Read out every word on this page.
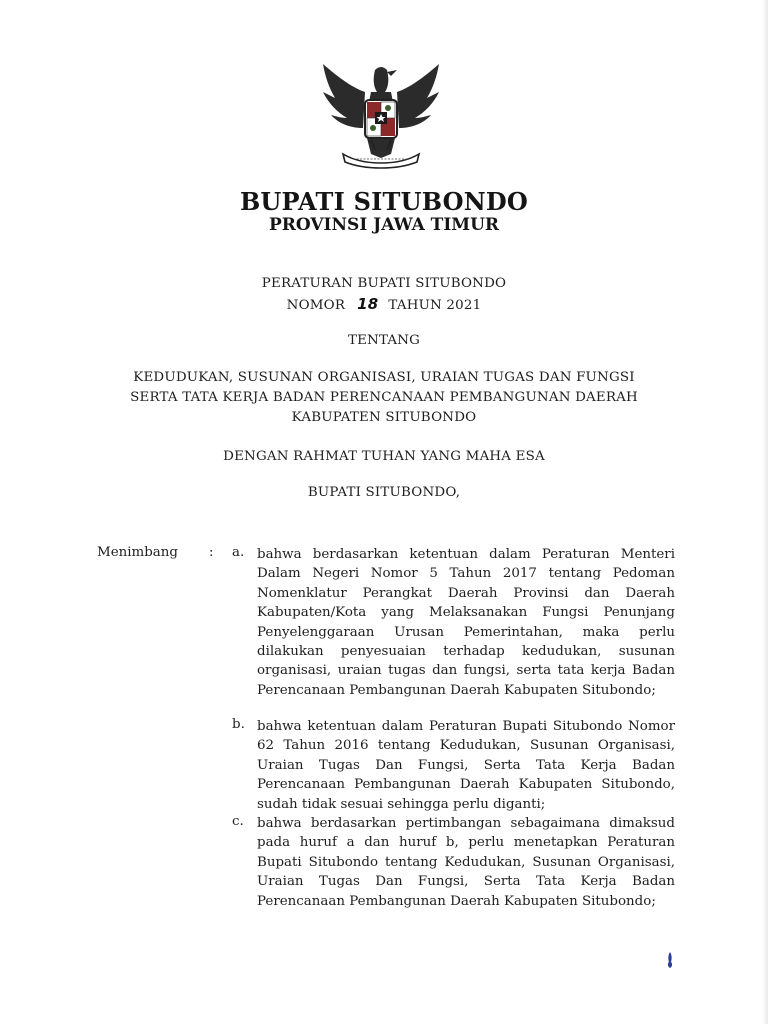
BUPATI SITUBONDO
PROVINSI JAWA TIMUR
PERATURAN BUPATI SITUBONDO
NOMOR 18 TAHUN 2021
TENTANG
KEDUDUKAN, SUSUNAN ORGANISASI, URAIAN TUGAS DAN FUNGSI
SERTA TATA KERJA BADAN PERENCANAAN PEMBANGUNAN DAERAH
KABUPATEN SITUBONDO
DENGAN RAHMAT TUHAN YANG MAHA ESA
BUPATI SITUBONDO,
Menimbang : a. bahwa berdasarkan ketentuan dalam Peraturan Menteri Dalam Negeri Nomor 5 Tahun 2017 tentang Pedoman Nomenklatur Perangkat Daerah Provinsi dan Daerah Kabupaten/Kota yang Melaksanakan Fungsi Penunjang Penyelenggaraan Urusan Pemerintahan, maka perlu dilakukan penyesuaian terhadap kedudukan, susunan organisasi, uraian tugas dan fungsi, serta tata kerja Badan Perencanaan Pembangunan Daerah Kabupaten Situbondo;
b. bahwa ketentuan dalam Peraturan Bupati Situbondo Nomor 62 Tahun 2016 tentang Kedudukan, Susunan Organisasi, Uraian Tugas Dan Fungsi, Serta Tata Kerja Badan Perencanaan Pembangunan Daerah Kabupaten Situbondo, sudah tidak sesuai sehingga perlu diganti;
c. bahwa berdasarkan pertimbangan sebagaimana dimaksud pada huruf a dan huruf b, perlu menetapkan Peraturan Bupati Situbondo tentang Kedudukan, Susunan Organisasi, Uraian Tugas Dan Fungsi, Serta Tata Kerja Badan Perencanaan Pembangunan Daerah Kabupaten Situbondo;
